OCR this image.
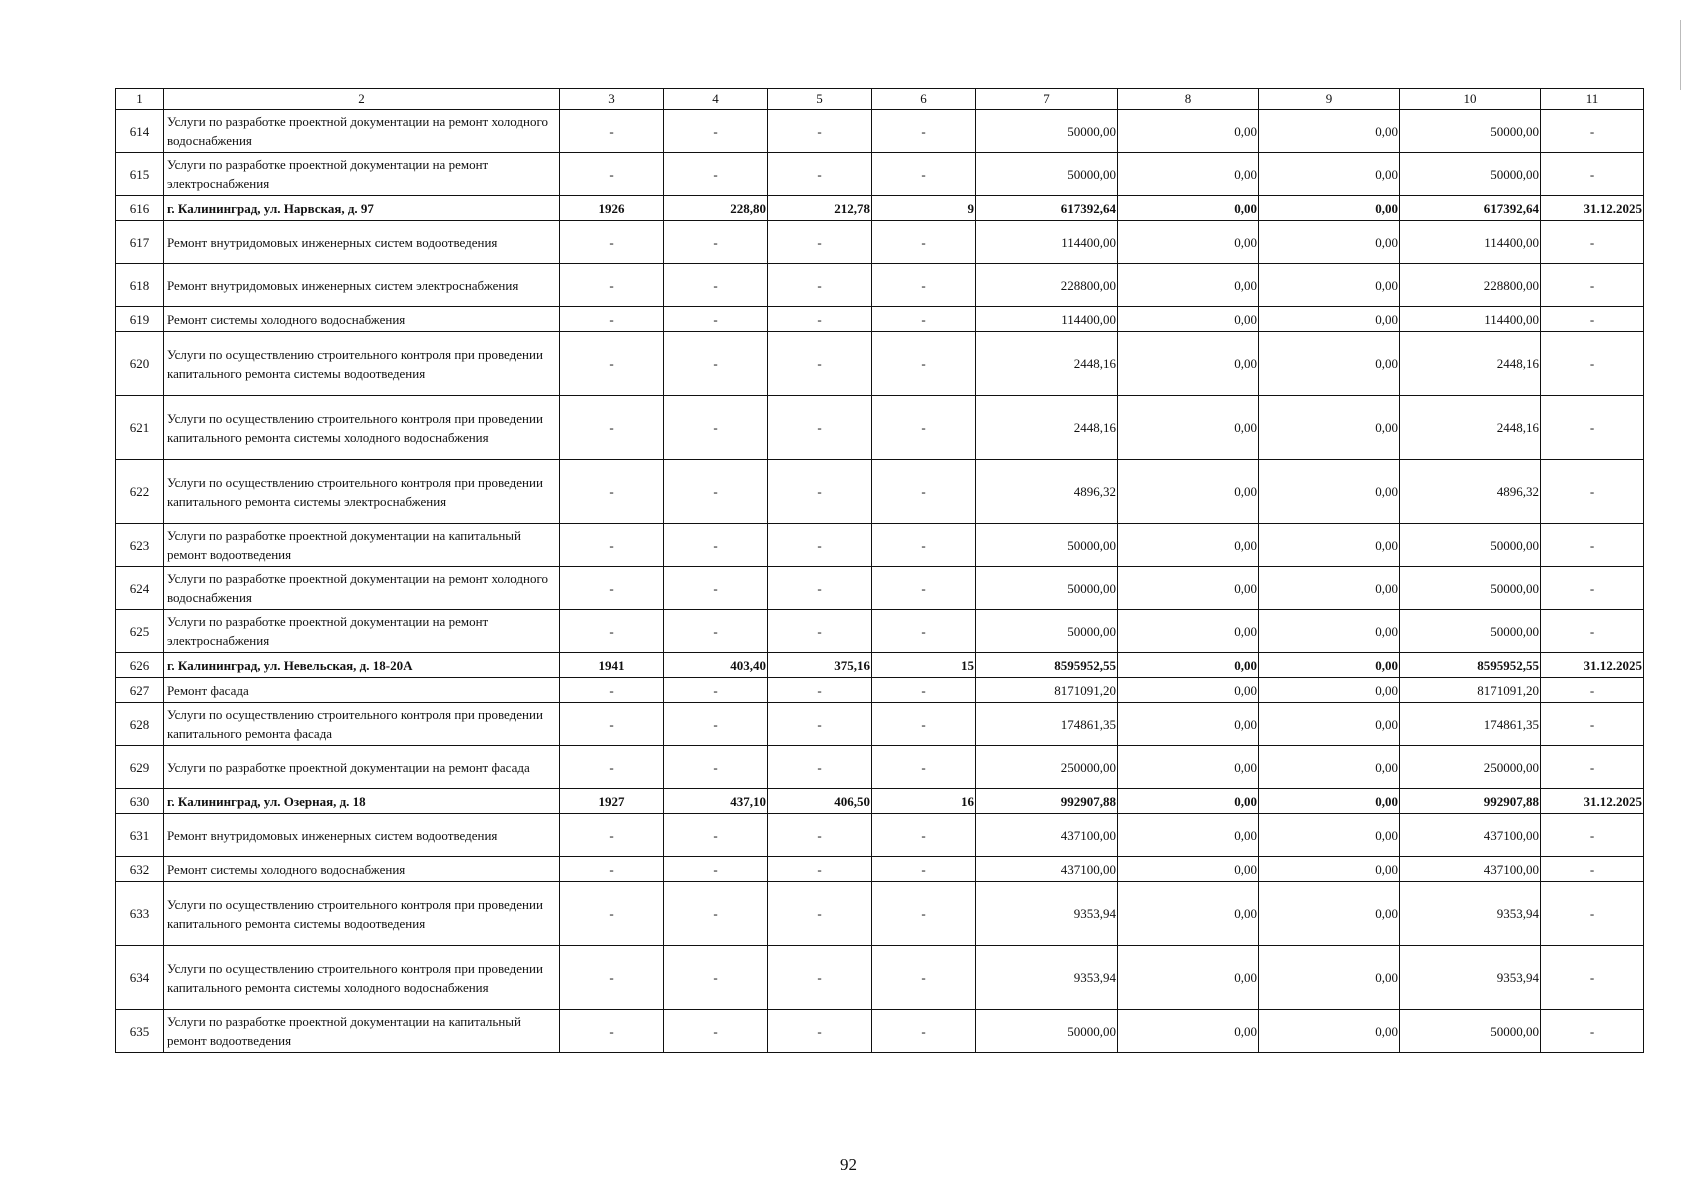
1	2	3	4	5	6	7	8	9	10	11
614	Услуги по разработке проектной документации на ремонт холодного водоснабжения	-	-	-	-	50000,00	0,00	0,00	50000,00	-
615	Услуги по разработке проектной документации на ремонт электроснабжения	-	-	-	-	50000,00	0,00	0,00	50000,00	-
616	г. Калининград, ул. Нарвская, д. 97	1926	228,80	212,78	9	617392,64	0,00	0,00	617392,64	31.12.2025
617	Ремонт внутридомовых инженерных систем водоотведения	-	-	-	-	114400,00	0,00	0,00	114400,00	-
618	Ремонт внутридомовых инженерных систем электроснабжения	-	-	-	-	228800,00	0,00	0,00	228800,00	-
619	Ремонт системы холодного водоснабжения	-	-	-	-	114400,00	0,00	0,00	114400,00	-
620	Услуги по осуществлению строительного контроля при проведении капитального ремонта системы водоотведения	-	-	-	-	2448,16	0,00	0,00	2448,16	-
621	Услуги по осуществлению строительного контроля при проведении капитального ремонта системы холодного водоснабжения	-	-	-	-	2448,16	0,00	0,00	2448,16	-
622	Услуги по осуществлению строительного контроля при проведении капитального ремонта системы электроснабжения	-	-	-	-	4896,32	0,00	0,00	4896,32	-
623	Услуги по разработке проектной документации на капитальный ремонт водоотведения	-	-	-	-	50000,00	0,00	0,00	50000,00	-
624	Услуги по разработке проектной документации на ремонт холодного водоснабжения	-	-	-	-	50000,00	0,00	0,00	50000,00	-
625	Услуги по разработке проектной документации на ремонт электроснабжения	-	-	-	-	50000,00	0,00	0,00	50000,00	-
626	г. Калининград, ул. Невельская, д. 18-20А	1941	403,40	375,16	15	8595952,55	0,00	0,00	8595952,55	31.12.2025
627	Ремонт фасада	-	-	-	-	8171091,20	0,00	0,00	8171091,20	-
628	Услуги по осуществлению строительного контроля при проведении капитального ремонта фасада	-	-	-	-	174861,35	0,00	0,00	174861,35	-
629	Услуги по разработке проектной документации на ремонт фасада	-	-	-	-	250000,00	0,00	0,00	250000,00	-
630	г. Калининград, ул. Озерная, д. 18	1927	437,10	406,50	16	992907,88	0,00	0,00	992907,88	31.12.2025
631	Ремонт внутридомовых инженерных систем водоотведения	-	-	-	-	437100,00	0,00	0,00	437100,00	-
632	Ремонт системы холодного водоснабжения	-	-	-	-	437100,00	0,00	0,00	437100,00	-
633	Услуги по осуществлению строительного контроля при проведении капитального ремонта системы водоотведения	-	-	-	-	9353,94	0,00	0,00	9353,94	-
634	Услуги по осуществлению строительного контроля при проведении капитального ремонта системы холодного водоснабжения	-	-	-	-	9353,94	0,00	0,00	9353,94	-
635	Услуги по разработке проектной документации на капитальный ремонт водоотведения	-	-	-	-	50000,00	0,00	0,00	50000,00	-
92
